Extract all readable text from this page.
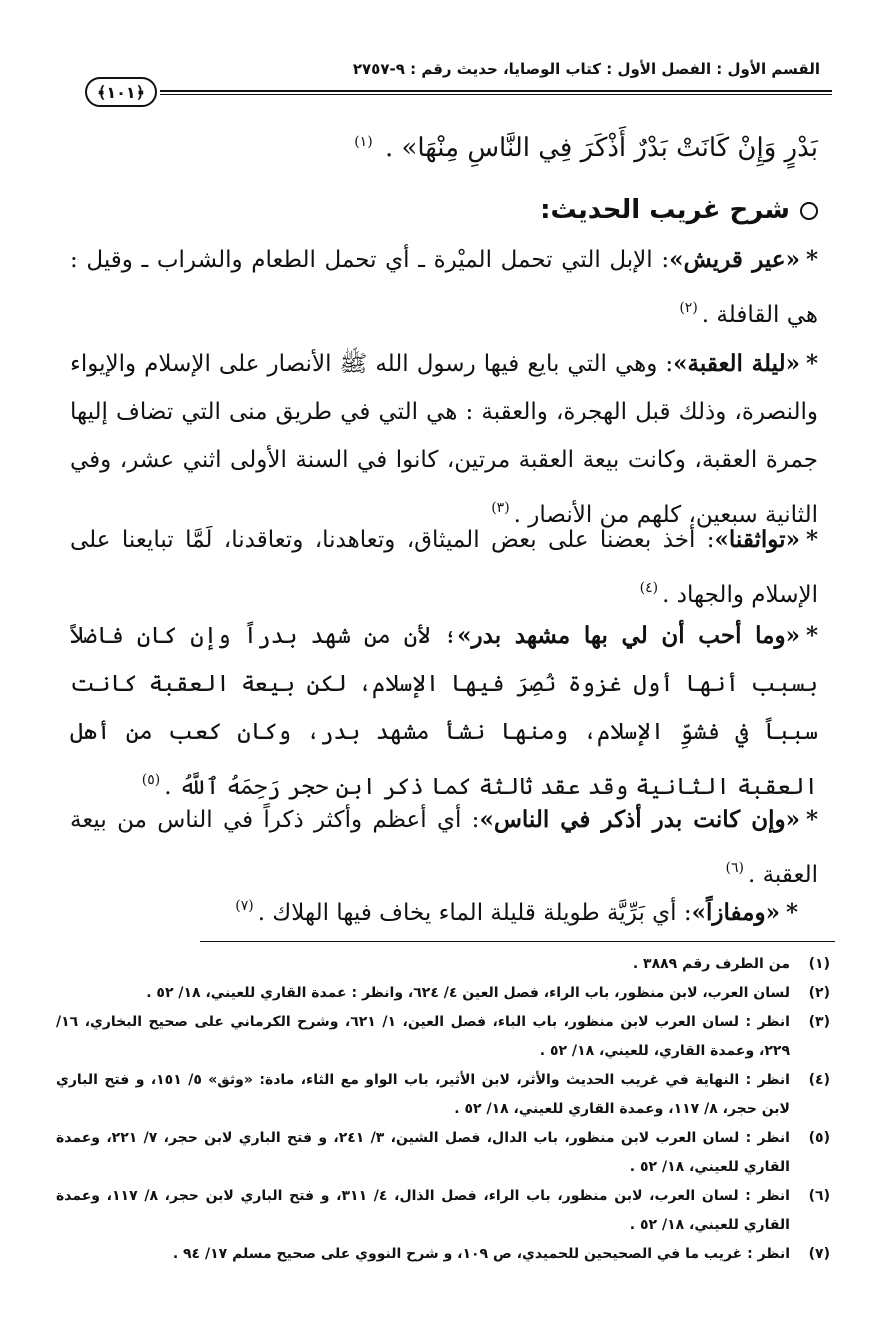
القسم الأول : الفصل الأول : كتاب الوصايا، حديث رقم : ٩-٢٧٥٧
﴿١٠١﴾
بَدْرٍ وَإِنْ كَانَتْ بَدْرٌ أَذْكَرَ فِي النَّاسِ مِنْهَا» . $^{(١)}$
شرح غريب الحديث:
*«عير قريش»: الإبل التي تحمل الميْرة ـ أي تحمل الطعام والشراب ـ وقيل : هي القافلة .$^{(٢)}$
*«ليلة العقبة»: وهي التي بايع فيها رسول الله ﷺ الأنصار على الإسلام والإيواء والنصرة، وذلك قبل الهجرة، والعقبة : هي التي في طريق منى التي تضاف إليها جمرة العقبة، وكانت بيعة العقبة مرتين، كانوا في السنة الأولى اثني عشر، وفي الثانية سبعين، كلهم من الأنصار .$^{(٣)}$
*«تواثقنا»: أخذ بعضنا على بعض الميثاق، وتعاهدنا، وتعاقدنا، لَمَّا تبايعنا على الإسلام والجهاد .$^{(٤)}$
*«وما أحب أن لي بها مشهد بدر»؛ لأن من شهد بدراً وإن كان فاضلاً بسبب أنها أول غزوة نُصِرَ فيها الإسلام، لكن بيعة العقبة كانت سبباً في فشوِّ الإسلام، ومنها نشأ مشهد بدر، وكان كعب من أهل العقبة الثانية وقد عقد ثالثة كما ذكر ابن حجر رَحِمَهُ ٱللَّهُ .$^{(٥)}$
*«وإن كانت بدر أذكر في الناس»: أي أعظم وأكثر ذكراً في الناس من بيعة العقبة .$^{(٦)}$
*«ومفازاً»: أي بَرِّيَّة طويلة قليلة الماء يخاف فيها الهلاك .$^{(٧)}$
(١)
من الطرف رقم ٣٨٨٩ .
(٢)
لسان العرب، لابن منظور، باب الراء، فصل العين ٤/ ٦٢٤، وانظر : عمدة القاري للعيني، ١٨/ ٥٢ .
(٣)
انظر : لسان العرب لابن منظور، باب الباء، فصل العين، ١/ ٦٢١، وشرح الكرماني على صحيح البخاري، ١٦/ ٢٢٩، وعمدة القاري، للعيني، ١٨/ ٥٢ .
(٤)
انظر : النهاية في غريب الحديث والأثر، لابن الأثير، باب الواو مع الثاء، مادة: «وثق» ٥/ ١٥١، و فتح الباري لابن حجر، ٨/ ١١٧، وعمدة القاري للعيني، ١٨/ ٥٢ .
(٥)
انظر : لسان العرب لابن منظور، باب الدال، فصل الشين، ٣/ ٢٤١، و فتح الباري لابن حجر، ٧/ ٢٢١، وعمدة القاري للعيني، ١٨/ ٥٢ .
(٦)
انظر : لسان العرب، لابن منظور، باب الراء، فصل الذال، ٤/ ٣١١، و فتح الباري لابن حجر، ٨/ ١١٧، وعمدة القاري للعيني، ١٨/ ٥٢ .
(٧)
انظر : غريب ما في الصحيحين للحميدي، ص ١٠٩، و شرح النووي على صحيح مسلم ١٧/ ٩٤ .
